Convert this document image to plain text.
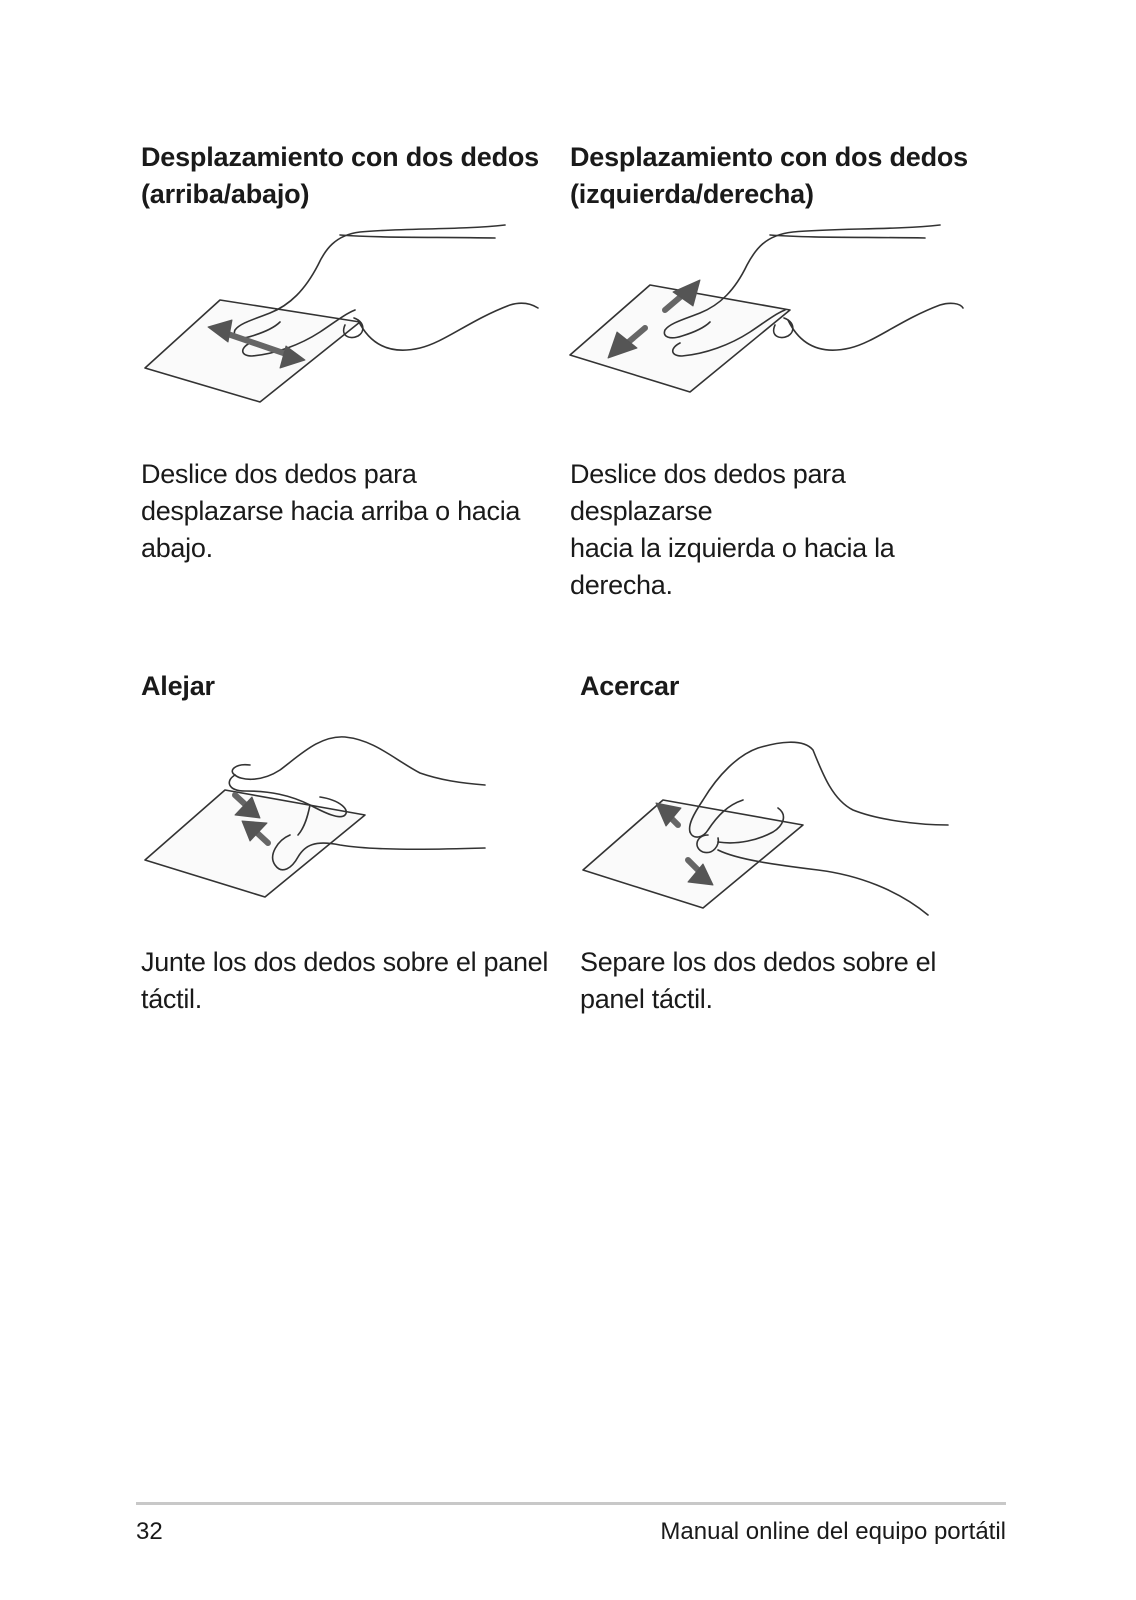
Desplazamiento con dos dedos
(arriba/abajo)

Deslice dos dedos para
desplazarse hacia arriba o hacia
abajo.

Desplazamiento con dos dedos
(izquierda/derecha)

Deslice dos dedos para desplazarse
hacia la izquierda o hacia la
derecha.

Alejar

Junte los dos dedos sobre el panel
táctil.

Acercar

Separe los dos dedos sobre el
panel táctil.

32	Manual online del equipo portátil
